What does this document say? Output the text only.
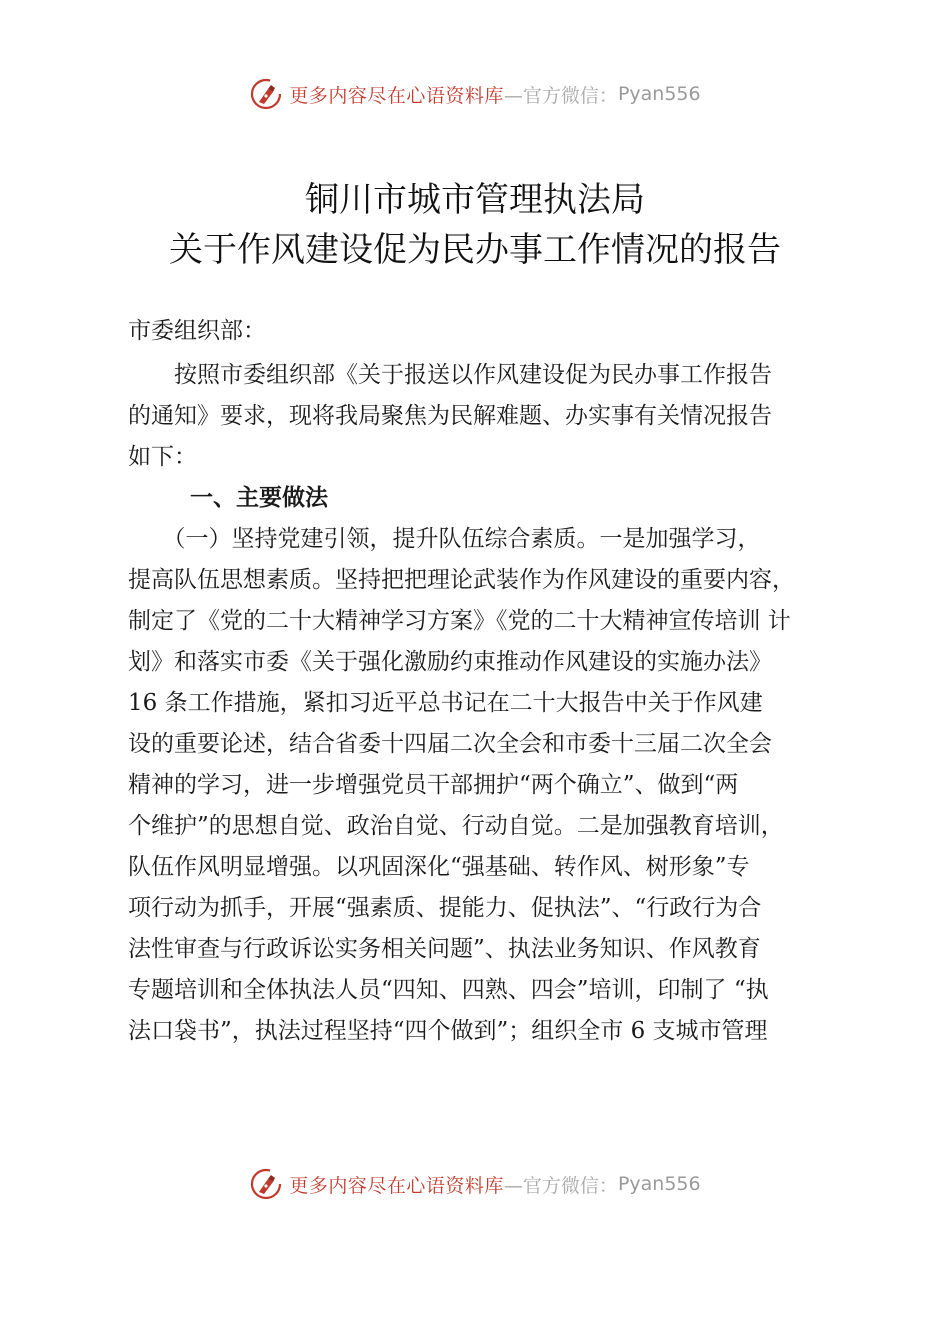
更多内容尽在心语资料库 —官方微信： Pyan556
铜川市城市管理执法局
关于作风建设促为民办事工作情况的报告
市委组织部：
　　按照市委组织部《关于报送以作风建设促为民办事工作报告
的通知》要求，现将我局聚焦为民解难题、办实事有关情况报告
如下：
一、主要做法
　　（一）坚持党建引领，提升队伍综合素质。一是加强学习，
提高队伍思想素质。坚持把把理论武装作为作风建设的重要内容，
制定了《党的二十大精神学习方案》《党的二十大精神宣传培训 计
划》和落实市委《关于强化激励约束推动作风建设的实施办法》
16 条工作措施，紧扣习近平总书记在二十大报告中关于作风建
设的重要论述，结合省委十四届二次全会和市委十三届二次全会
精神的学习，进一步增强党员干部拥护“两个确立”、做到“两
个维护”的思想自觉、政治自觉、行动自觉。二是加强教育培训，
队伍作风明显增强。以巩固深化“强基础、转作风、树形象”专
项行动为抓手，开展“强素质、提能力、促执法”、“行政行为合
法性审查与行政诉讼实务相关问题”、执法业务知识、作风教育
专题培训和全体执法人员“四知、四熟、四会”培训，印制了 “执
法口袋书”，执法过程坚持“四个做到”；组织全市 6 支城市管理
更多内容尽在心语资料库 —官方微信： Pyan556
